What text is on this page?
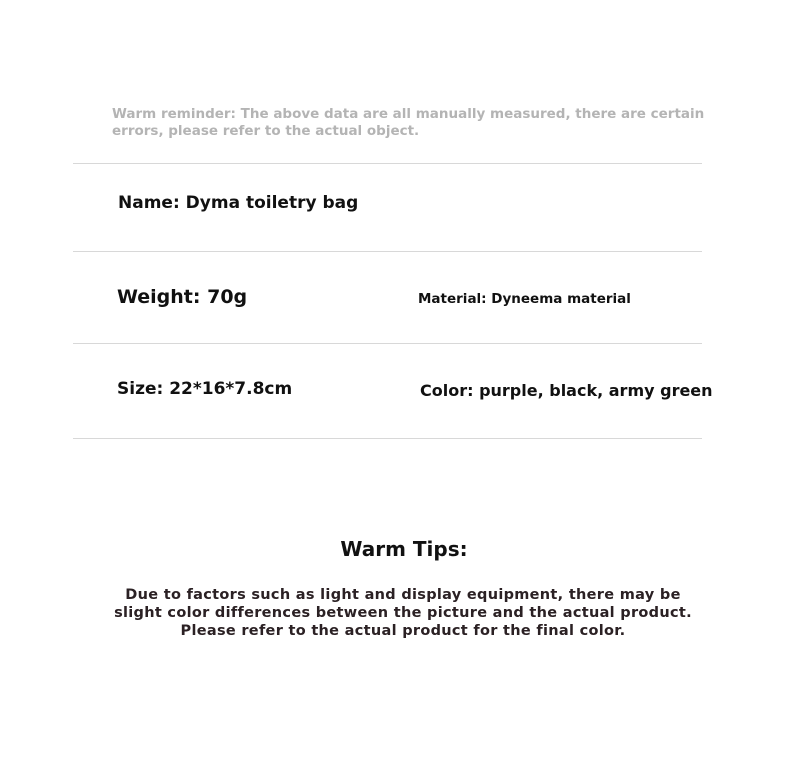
Warm reminder: The above data are all manually measured, there are certain errors, please refer to the actual object.
Name: Dyma toiletry bag
Weight: 70g	Material: Dyneema material
Size: 22*16*7.8cm	Color: purple, black, army green
Warm Tips:
Due to factors such as light and display equipment, there may be slight color differences between the picture and the actual product. Please refer to the actual product for the final color.
